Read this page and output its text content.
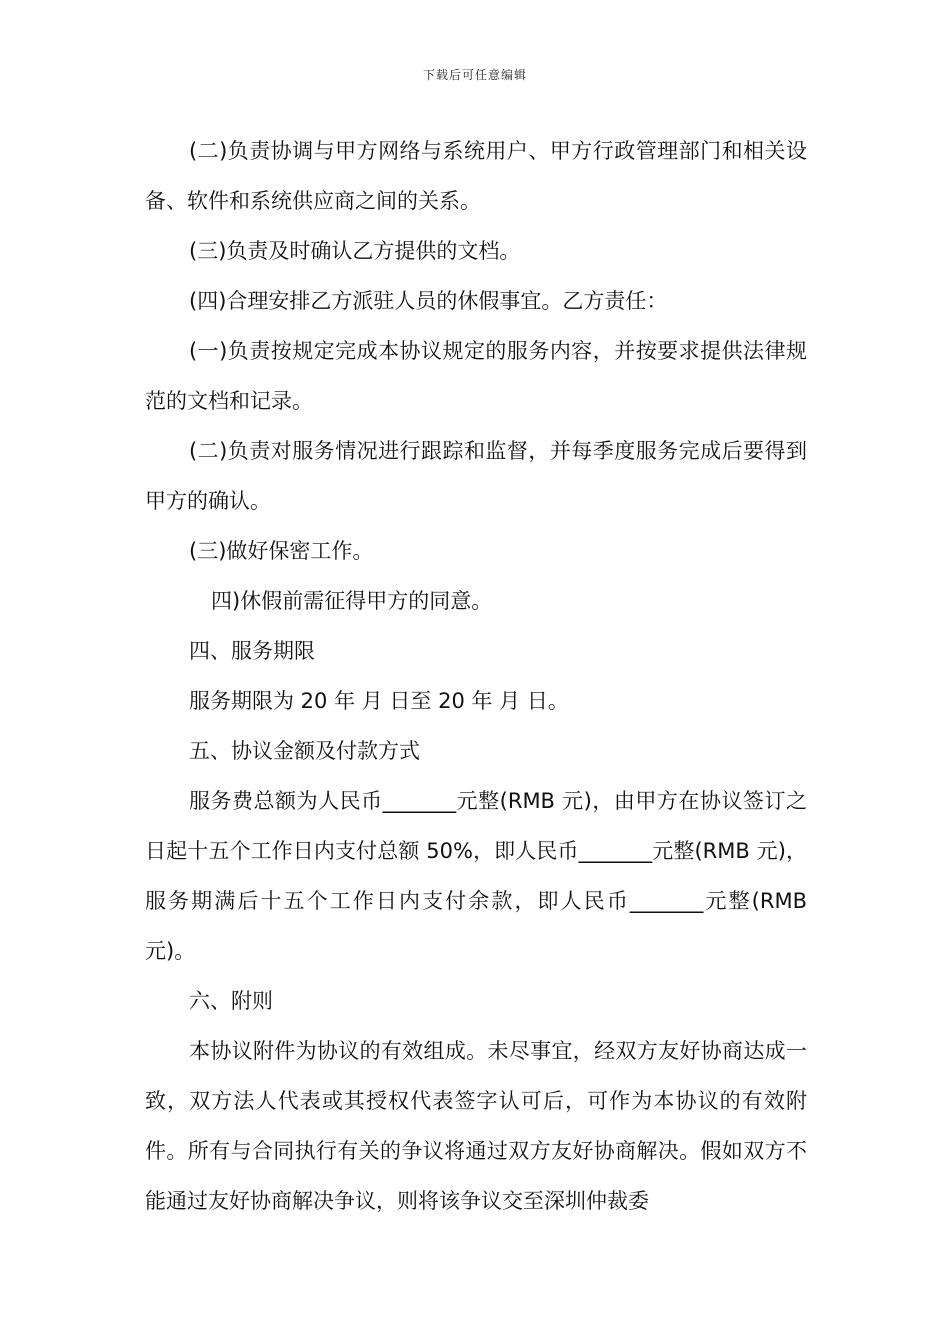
下载后可任意编辑

(二)负责协调与甲方网络与系统用户、甲方行政管理部门和相关设备、软件和系统供应商之间的关系。

(三)负责及时确认乙方提供的文档。

(四)合理安排乙方派驻人员的休假事宜。乙方责任：

(一)负责按规定完成本协议规定的服务内容，并按要求提供法律规范的文档和记录。

(二)负责对服务情况进行跟踪和监督，并每季度服务完成后要得到甲方的确认。

(三)做好保密工作。

四)休假前需征得甲方的同意。

四、服务期限

服务期限为 20 年 月 日至 20 年 月 日。

五、协议金额及付款方式

服务费总额为人民币_______元整(RMB 元)，由甲方在协议签订之日起十五个工作日内支付总额 50%，即人民币_______元整(RMB 元)，服务期满后十五个工作日内支付余款，即人民币_______元整(RMB 元)。

六、附则

本协议附件为协议的有效组成。未尽事宜，经双方友好协商达成一致，双方法人代表或其授权代表签字认可后，可作为本协议的有效附件。所有与合同执行有关的争议将通过双方友好协商解决。假如双方不能通过友好协商解决争议，则将该争议交至深圳仲裁委
